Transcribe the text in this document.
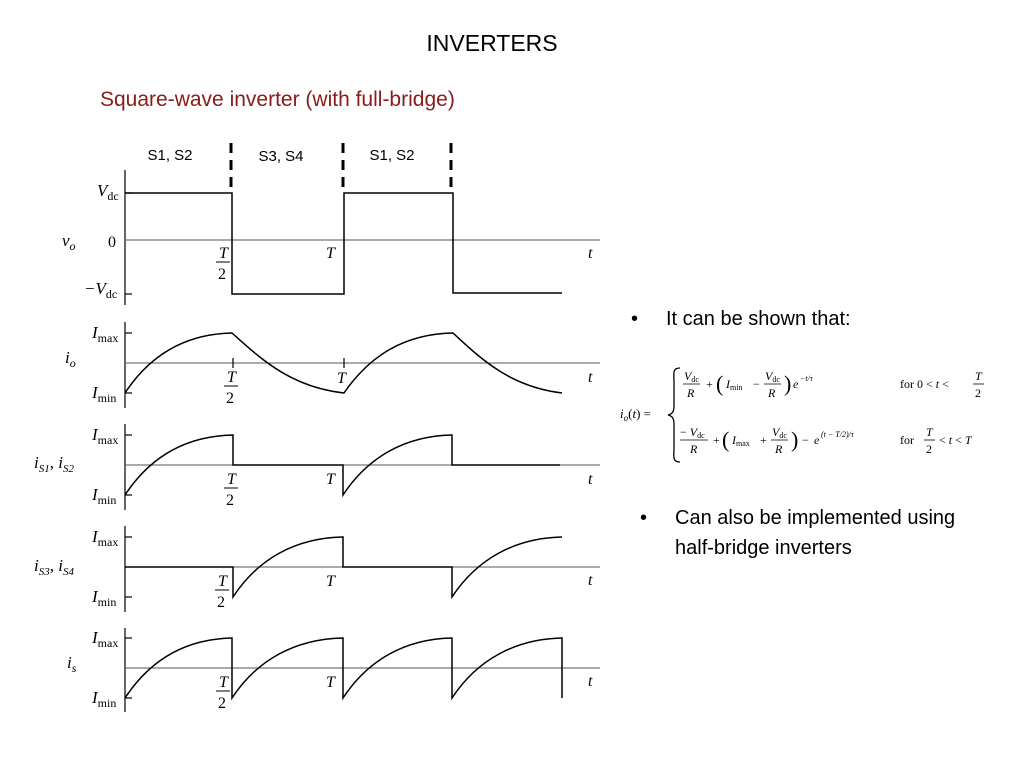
INVERTERS
Square-wave inverter (with full-bridge)
S1, S2	S3, S4	S1, S2
$V_{dc}$
0
$-V_{dc}$
$v_o$	T
2
T	t
$I_{max}$
$I_{min}$
$i_o$
T
2
T	t
$I_{max}$
$I_{min}$
$i_{S1}$, $i_{S2}$
T
2
T	t
$I_{max}$
$I_{min}$
$i_{S3}$, $i_{S4}$
T
2
T	t
$I_{max}$
$I_{min}$
$i_s$
T
2
T	t
• It can be shown that:
$i_o(t)$ =
Vdc
R
+ ( Imin −
Vdc
R ) e −t/τ	for 0 < t <
T
2
− Vdc
R
+ ( Imax +
Vdc
R ) − e (t − T/2)/τ	for
T
2
< t < T
• Can also be implemented using
half-bridge inverters
